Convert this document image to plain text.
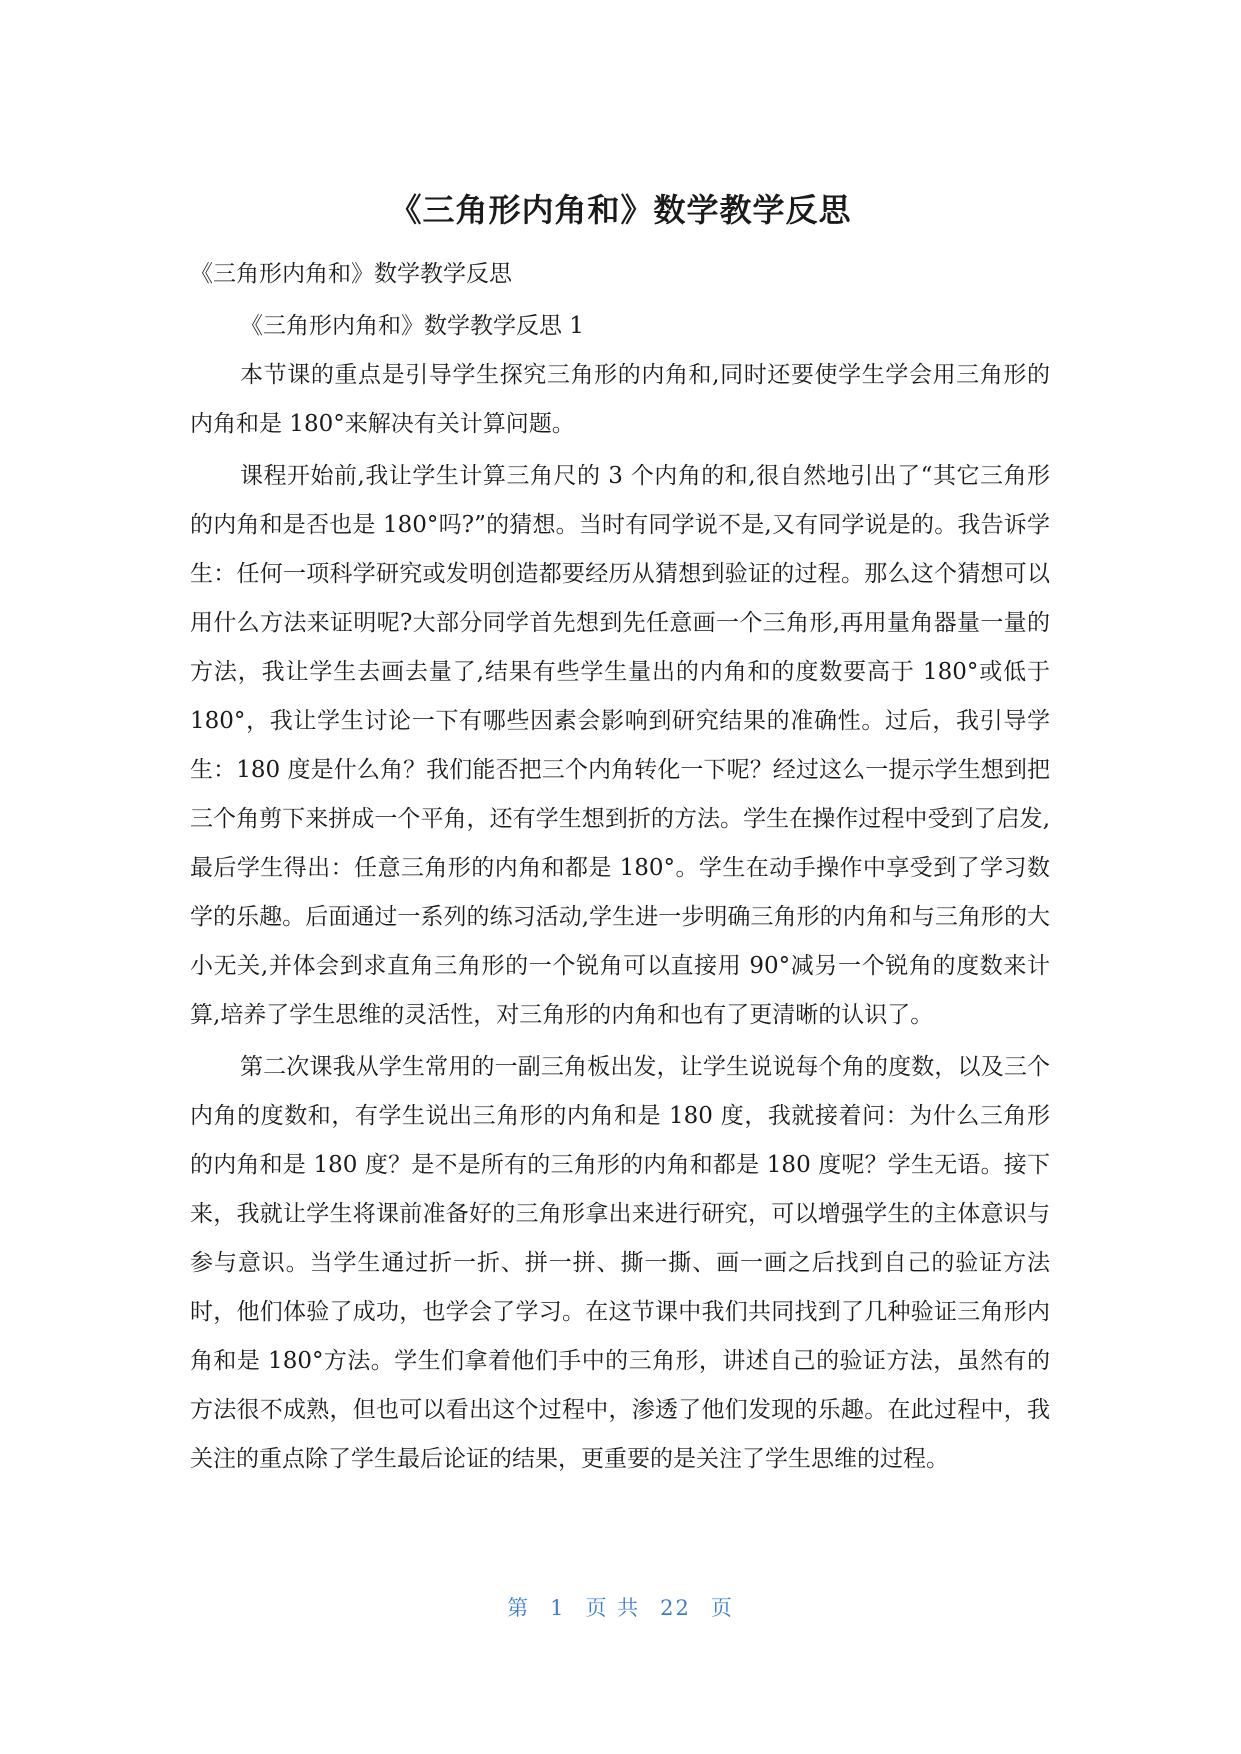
《三角形内角和》数学教学反思

《三角形内角和》数学教学反思

《三角形内角和》数学教学反思 1

本节课的重点是引导学生探究三角形的内角和,同时还要使学生学会用三角形的内角和是 180°来解决有关计算问题。

课程开始前,我让学生计算三角尺的 3 个内角的和,很自然地引出了“其它三角形的内角和是否也是 180°吗?”的猜想。当时有同学说不是,又有同学说是的。我告诉学生：任何一项科学研究或发明创造都要经历从猜想到验证的过程。那么这个猜想可以用什么方法来证明呢?大部分同学首先想到先任意画一个三角形,再用量角器量一量的方法，我让学生去画去量了,结果有些学生量出的内角和的度数要高于 180°或低于 180°，我让学生讨论一下有哪些因素会影响到研究结果的准确性。过后，我引导学生：180 度是什么角？我们能否把三个内角转化一下呢？经过这么一提示学生想到把三个角剪下来拼成一个平角，还有学生想到折的方法。学生在操作过程中受到了启发,最后学生得出：任意三角形的内角和都是 180°。学生在动手操作中享受到了学习数学的乐趣。后面通过一系列的练习活动,学生进一步明确三角形的内角和与三角形的大小无关,并体会到求直角三角形的一个锐角可以直接用 90°减另一个锐角的度数来计算,培养了学生思维的灵活性，对三角形的内角和也有了更清晰的认识了。

第二次课我从学生常用的一副三角板出发，让学生说说每个角的度数，以及三个内角的度数和，有学生说出三角形的内角和是 180 度，我就接着问：为什么三角形的内角和是 180 度？是不是所有的三角形的内角和都是 180 度呢？学生无语。接下来，我就让学生将课前准备好的三角形拿出来进行研究，可以增强学生的主体意识与参与意识。当学生通过折一折、拼一拼、撕一撕、画一画之后找到自己的验证方法时，他们体验了成功，也学会了学习。在这节课中我们共同找到了几种验证三角形内角和是 180°方法。学生们拿着他们手中的三角形，讲述自己的验证方法，虽然有的方法很不成熟，但也可以看出这个过程中，渗透了他们发现的乐趣。在此过程中，我关注的重点除了学生最后论证的结果，更重要的是关注了学生思维的过程。

第 1 页 共 22 页
